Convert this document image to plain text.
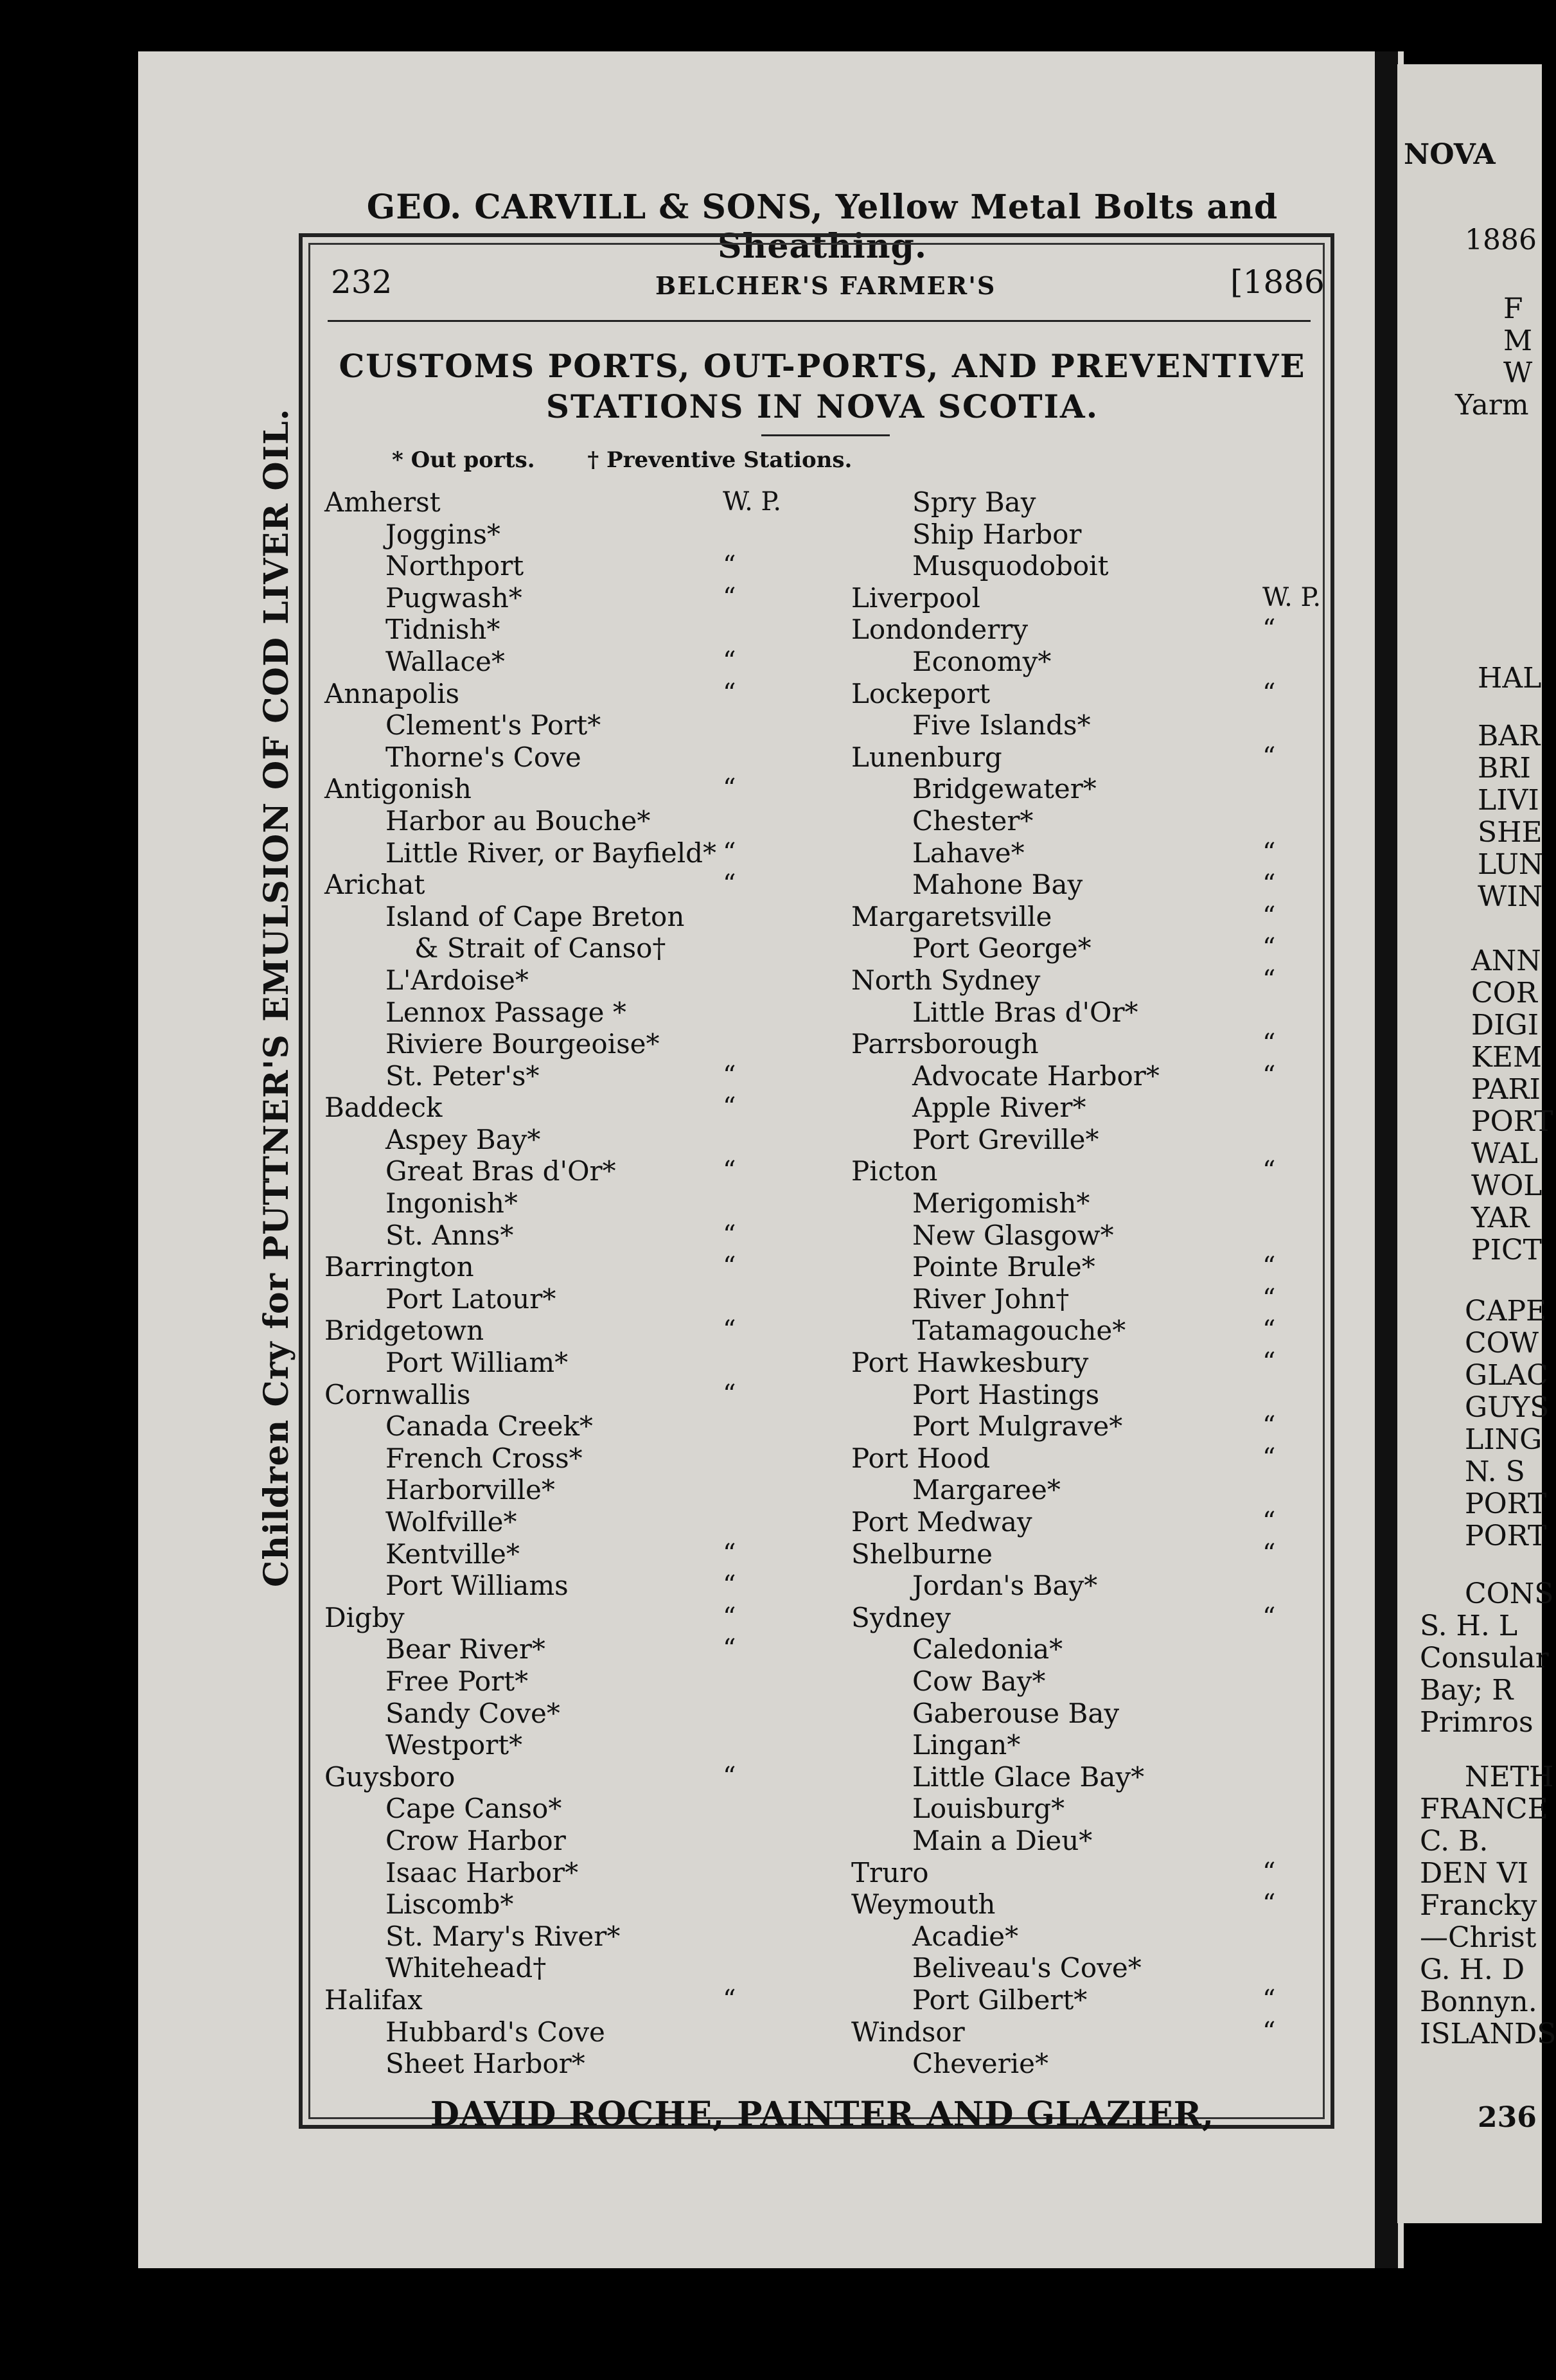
NOVA
1886
F
M
W
Yarm
HAL
BAR
BRI
LIVI
SHE
LUN
WIN
ANN
COR
DIGI
KEM
PARI
PORT
WAL
WOL
YAR
PICT
CAPE
COW
GLAC
GUYS
LING
N. S
PORT
PORT
CONS
S. H. L
Consular
Bay; R
Primros
NETH
FRANCE
C. B.
DEN VI
Francky
—Christ
G. H. D
Bonnyn.
ISLANDS
236
GEO. CARVILL & SONS, Yellow Metal Bolts and Sheathing.
Children Cry for PUTTNER'S EMULSION OF COD LIVER OIL.
232	BELCHER'S FARMER'S	[1886
CUSTOMS PORTS, OUT-PORTS, AND PREVENTIVE
STATIONS IN NOVA SCOTIA.
* Out ports. † Preventive Stations.
Amherst	W. P.
Joggins*
Northport	“
Pugwash*	“
Tidnish*
Wallace*	“
Annapolis	“
Clement's Port*
Thorne's Cove
Antigonish	“
Harbor au Bouche*
Little River, or Bayfield* “
Arichat	“
Island of Cape Breton
& Strait of Canso†
L'Ardoise*
Lennox Passage *
Riviere Bourgeoise*
St. Peter's*	“
Baddeck	“
Aspey Bay*
Great Bras d'Or*	“
Ingonish*
St. Anns*	“
Barrington	“
Port Latour*
Bridgetown	“
Port William*
Cornwallis	“
Canada Creek*
French Cross*
Harborville*
Wolfville*
Kentville*	“
Port Williams	“
Digby	“
Bear River*	“
Free Port*
Sandy Cove*
Westport*
Guysboro	“
Cape Canso*
Crow Harbor
Isaac Harbor*
Liscomb*
St. Mary's River*
Whitehead†
Halifax	“
Hubbard's Cove
Sheet Harbor*
Spry Bay
Ship Harbor
Musquodoboit
Liverpool	W. P.
Londonderry	“
Economy*
Lockeport	“
Five Islands*
Lunenburg	“
Bridgewater*
Chester*
Lahave*	“
Mahone Bay	“
Margaretsville	“
Port George*	“
North Sydney	“
Little Bras d'Or*
Parrsborough	“
Advocate Harbor*	“
Apple River*
Port Greville*
Picton	“
Merigomish*
New Glasgow*
Pointe Brule*	“
River John†	“
Tatamagouche*	“
Port Hawkesbury	“
Port Hastings
Port Mulgrave*	“
Port Hood	“
Margaree*
Port Medway	“
Shelburne	“
Jordan's Bay*
Sydney	“
Caledonia*
Cow Bay*
Gaberouse Bay
Lingan*
Little Glace Bay*
Louisburg*
Main a Dieu*
Truro	“
Weymouth	“
Acadie*
Beliveau's Cove*
Port Gilbert*	“
Windsor	“
Cheverie*
DAVID ROCHE, PAINTER AND GLAZIER,
